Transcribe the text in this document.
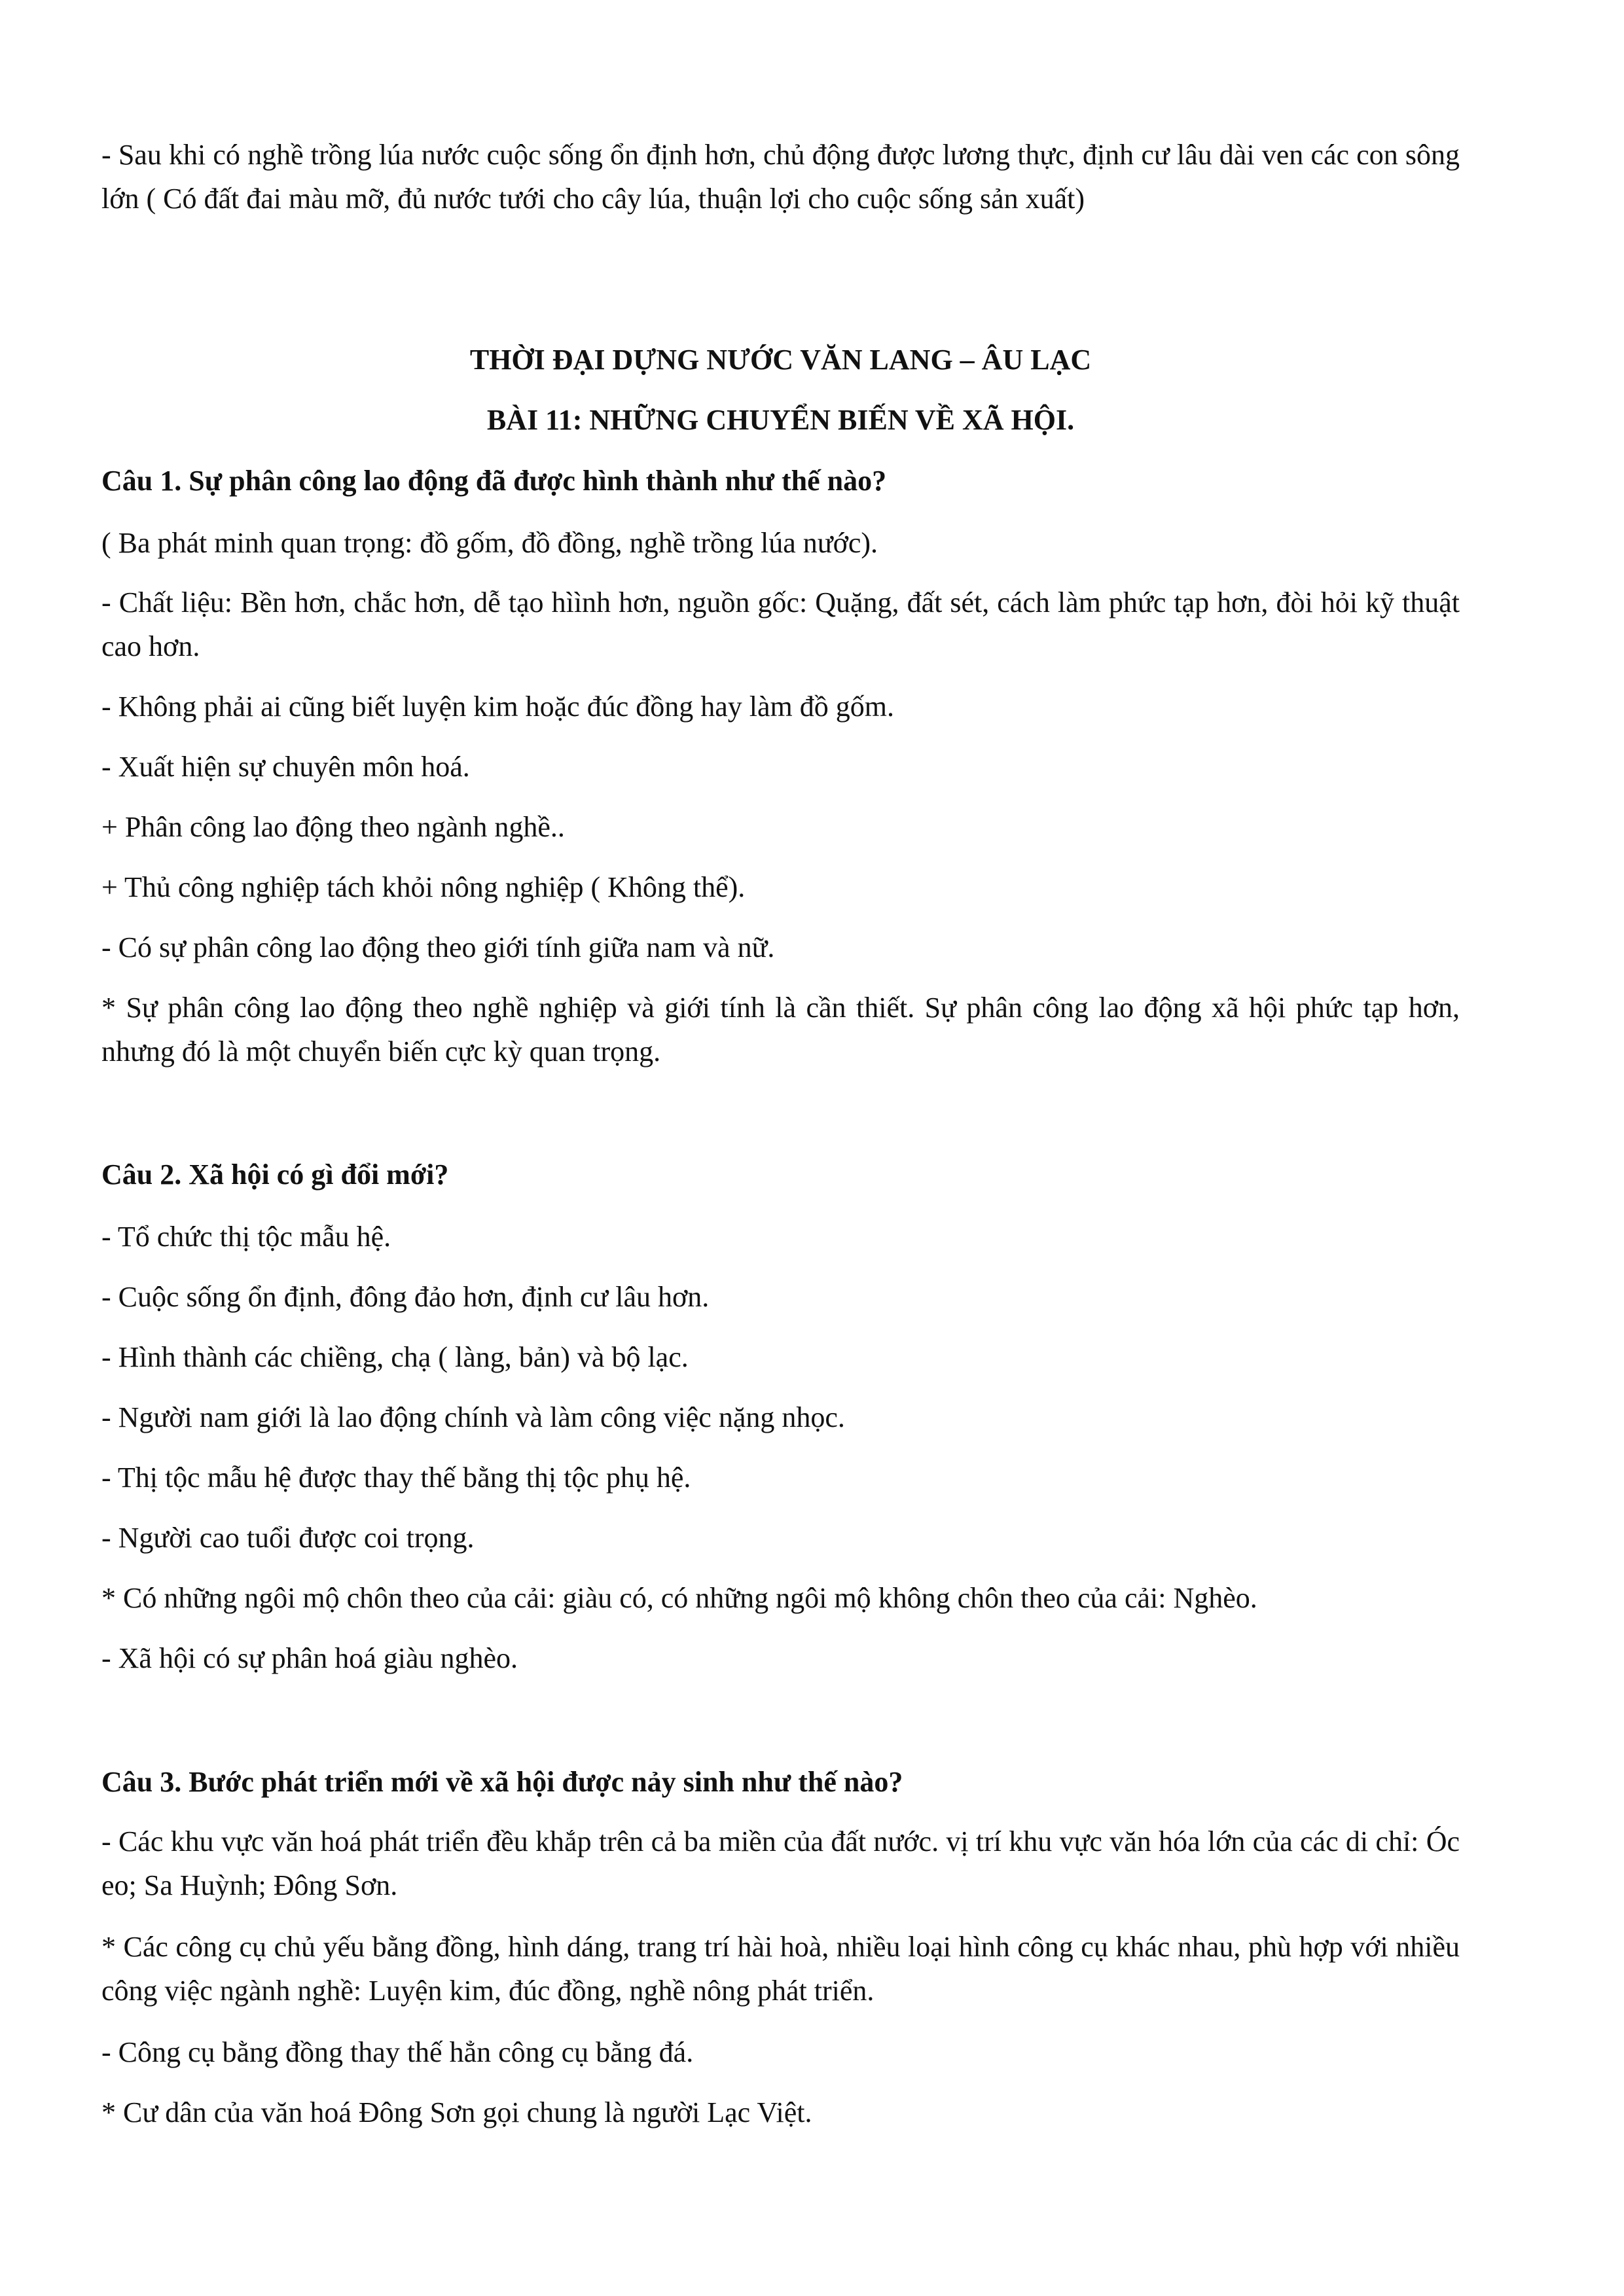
- Sau khi có nghề trồng lúa nước cuộc sống ổn định hơn, chủ động được lương thực, định cư lâu dài ven các con sông lớn ( Có đất đai màu mỡ, đủ nước tưới cho cây lúa, thuận lợi cho cuộc sống sản xuất)

THỜI ĐẠI DỰNG NƯỚC VĂN LANG – ÂU LẠC

BÀI 11: NHỮNG CHUYỂN BIẾN VỀ XÃ HỘI.

Câu 1. Sự phân công lao động đã được hình thành như thế nào?

( Ba phát minh quan trọng: đồ gốm, đồ đồng, nghề trồng lúa nước).

- Chất liệu: Bền hơn, chắc hơn, dễ tạo hìình hơn, nguồn gốc: Quặng, đất sét, cách làm phức tạp hơn, đòi hỏi kỹ thuật cao hơn.

- Không phải ai cũng biết luyện kim hoặc đúc đồng hay làm đồ gốm.

- Xuất hiện sự chuyên môn hoá.

+ Phân công lao động theo ngành nghề..

+ Thủ công nghiệp tách khỏi nông nghiệp ( Không thể).

- Có sự phân công lao động theo giới tính giữa nam và nữ.

* Sự phân công lao động theo nghề nghiệp và giới tính là cần thiết. Sự phân công lao động xã hội phức tạp hơn, nhưng đó là một chuyển biến cực kỳ quan trọng.

Câu 2. Xã hội có gì đổi mới?

- Tổ chức thị tộc mẫu hệ.

- Cuộc sống ổn định, đông đảo hơn, định cư lâu hơn.

- Hình thành các chiềng, chạ ( làng, bản) và bộ lạc.

- Người nam giới là lao động chính và làm công việc nặng nhọc.

- Thị tộc mẫu hệ được thay thế bằng thị tộc phụ hệ.

- Người cao tuổi được coi trọng.

* Có những ngôi mộ chôn theo của cải: giàu có, có những ngôi mộ không chôn theo của cải: Nghèo.

- Xã hội có sự phân hoá giàu nghèo.

Câu 3. Bước phát triển mới về xã hội được nảy sinh như thế nào?

- Các khu vực văn hoá phát triển đều khắp trên cả ba miền của đất nước. vị trí khu vực văn hóa lớn của các di chỉ: Óc eo; Sa Huỳnh; Đông Sơn.

* Các công cụ chủ yếu bằng đồng, hình dáng, trang trí hài hoà, nhiều loại hình công cụ khác nhau, phù hợp với nhiều công việc ngành nghề: Luyện kim, đúc đồng, nghề nông phát triển.

- Công cụ bằng đồng thay thế hẳn công cụ bằng đá.

* Cư dân của văn hoá Đông Sơn gọi chung là người Lạc Việt.
